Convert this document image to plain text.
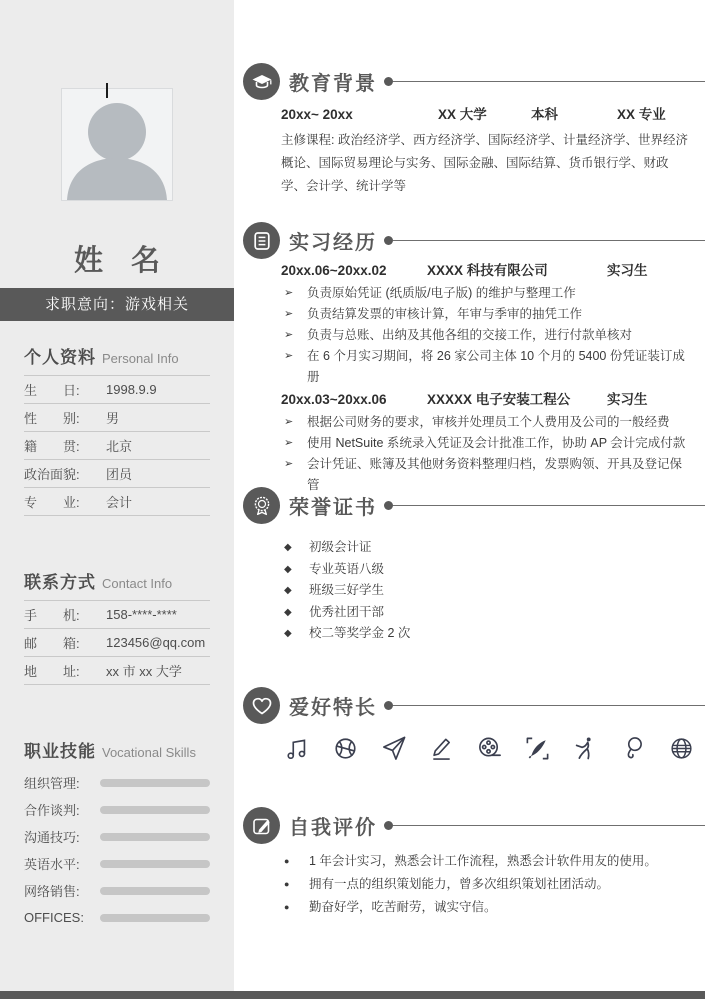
姓 名
求职意向：游戏相关
个人资料 Personal Info
生　　日:	1998.9.9
性　　别:	男
籍　　贯:	北京
政治面貌:	团员
专　　业:	会计
联系方式 Contact Info
手　　机:	158-****-****
邮　　箱:	123456@qq.com
地　　址:	xx 市 xx 大学
职业技能 Vocational Skills
组织管理:
合作谈判:
沟通技巧:
英语水平:
网络销售:
OFFICES:
教育背景
20xx~ 20xx	XX 大学	本科	XX 专业
主修课程: 政治经济学、西方经济学、国际经济学、计量经济学、世界经济概论、国际贸易理论与实务、国际金融、国际结算、货币银行学、财政学、会计学、统计学等
实习经历
20xx.06~20xx.02	XXXX 科技有限公司	实习生
➢	负责原始凭证 (纸质版/电子版) 的维护与整理工作
➢	负责结算发票的审核计算，年审与季审的抽凭工作
➢	负责与总账、出纳及其他各组的交接工作，进行付款单核对
➢	在 6 个月实习期间，将 26 家公司主体 10 个月的 5400 份凭证装订成册
20xx.03~20xx.06	XXXXX 电子安装工程公	实习生
➢	根据公司财务的要求，审核并处理员工个人费用及公司的一般经费
➢	使用 NetSuite 系统录入凭证及会计批准工作，协助 AP 会计完成付款
➢	会计凭证、账簿及其他财务资料整理归档，发票购领、开具及登记保管
荣誉证书
◆	初级会计证
◆	专业英语八级
◆	班级三好学生
◆	优秀社团干部
◆	校二等奖学金 2 次
爱好特长
自我评价
●	1 年会计实习，熟悉会计工作流程，熟悉会计软件用友的使用。
●	拥有一点的组织策划能力，曾多次组织策划社团活动。
●	勤奋好学，吃苦耐劳，诚实守信。
